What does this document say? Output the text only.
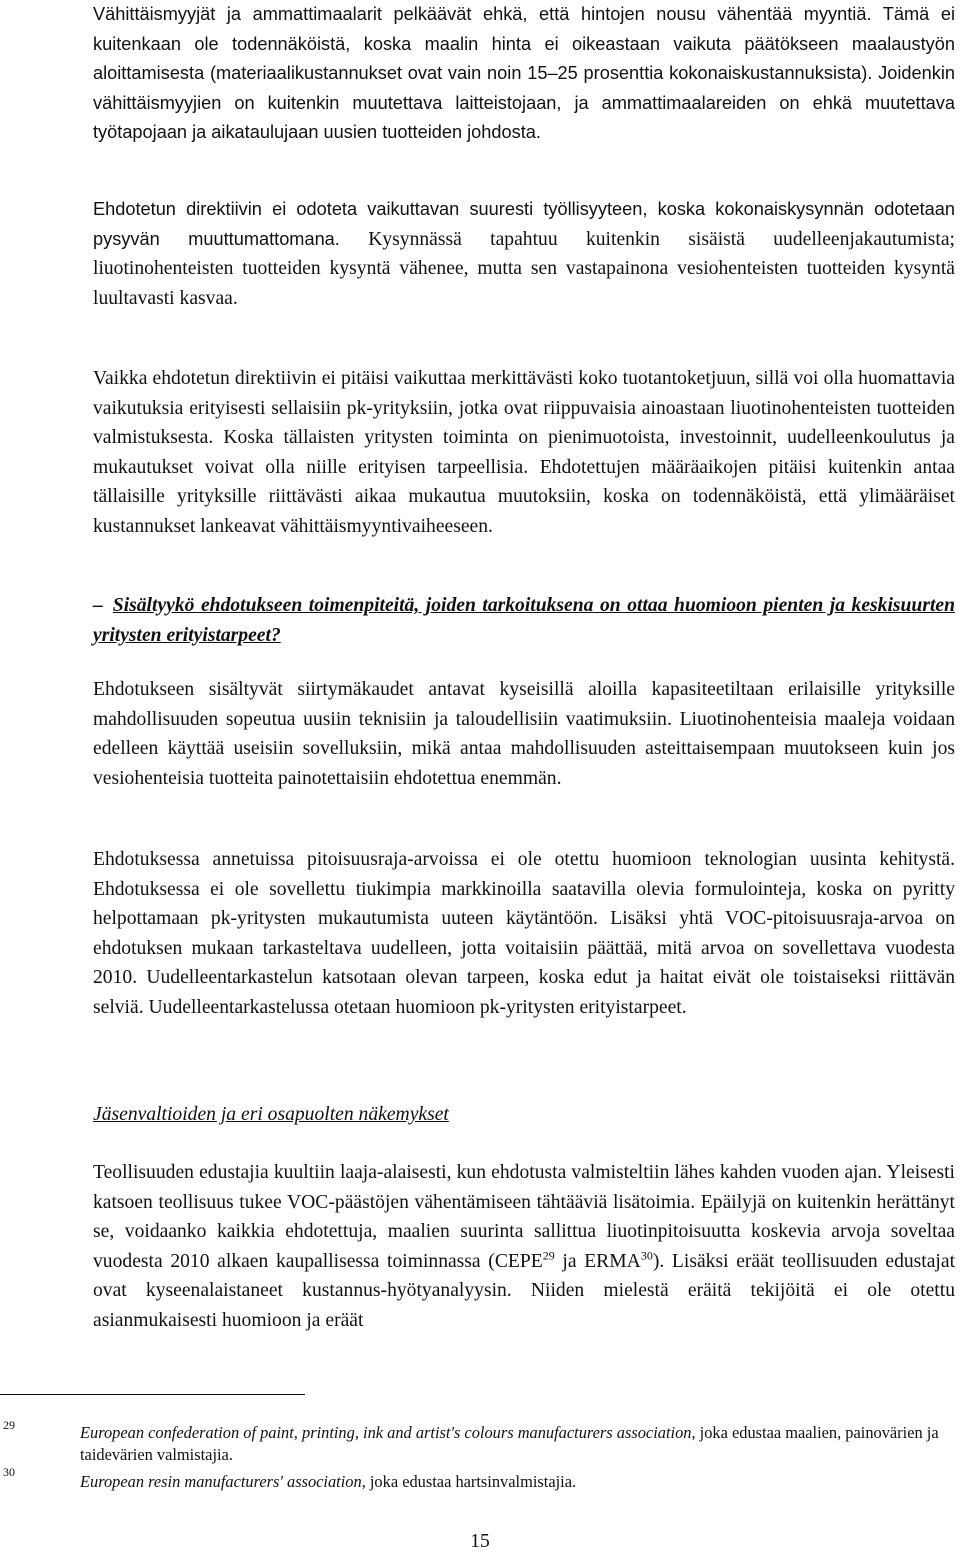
Vähittäismyyjät ja ammattimaalarit pelkäävät ehkä, että hintojen nousu vähentää myyntiä. Tämä ei kuitenkaan ole todennäköistä, koska maalin hinta ei oikeastaan vaikuta päätökseen maalaustyön aloittamisesta (materiaalikustannukset ovat vain noin 15–25 prosenttia kokonaiskustannuksista). Joidenkin vähittäismyyjien on kuitenkin muutettava laitteistojaan, ja ammattimaalareiden on ehkä muutettava työtapojaan ja aikataulujaan uusien tuotteiden johdosta.

Ehdotetun direktiivin ei odoteta vaikuttavan suuresti työllisyyteen, koska kokonaiskysynnän odotetaan pysyvän muuttumattomana. Kysynnässä tapahtuu kuitenkin sisäistä uudelleenjakautumista; liuotinohenteisten tuotteiden kysyntä vähenee, mutta sen vastapainona vesiohenteisten tuotteiden kysyntä luultavasti kasvaa.

Vaikka ehdotetun direktiivin ei pitäisi vaikuttaa merkittävästi koko tuotantoketjuun, sillä voi olla huomattavia vaikutuksia erityisesti sellaisiin pk-yrityksiin, jotka ovat riippuvaisia ainoastaan liuotinohenteisten tuotteiden valmistuksesta. Koska tällaisten yritysten toiminta on pienimuotoista, investoinnit, uudelleenkoulutus ja mukautukset voivat olla niille erityisen tarpeellisia. Ehdotettujen määräaikojen pitäisi kuitenkin antaa tällaisille yrityksille riittävästi aikaa mukautua muutoksiin, koska on todennäköistä, että ylimääräiset kustannukset lankeavat vähittäismyyntivaiheeseen.

– Sisältyykö ehdotukseen toimenpiteitä, joiden tarkoituksena on ottaa huomioon pienten ja keskisuurten yritysten erityistarpeet?

Ehdotukseen sisältyvät siirtymäkaudet antavat kyseisillä aloilla kapasiteetiltaan erilaisille yrityksille mahdollisuuden sopeutua uusiin teknisiin ja taloudellisiin vaatimuksiin. Liuotinohenteisia maaleja voidaan edelleen käyttää useisiin sovelluksiin, mikä antaa mahdollisuuden asteittaisempaan muutokseen kuin jos vesiohenteisia tuotteita painotettaisiin ehdotettua enemmän.

Ehdotuksessa annetuissa pitoisuusraja-arvoissa ei ole otettu huomioon teknologian uusinta kehitystä. Ehdotuksessa ei ole sovellettu tiukimpia markkinoilla saatavilla olevia formulointeja, koska on pyritty helpottamaan pk-yritysten mukautumista uuteen käytäntöön. Lisäksi yhtä VOC-pitoisuusraja-arvoa on ehdotuksen mukaan tarkasteltava uudelleen, jotta voitaisiin päättää, mitä arvoa on sovellettava vuodesta 2010. Uudelleentarkastelun katsotaan olevan tarpeen, koska edut ja haitat eivät ole toistaiseksi riittävän selviä. Uudelleentarkastelussa otetaan huomioon pk-yritysten erityistarpeet.

Jäsenvaltioiden ja eri osapuolten näkemykset

Teollisuuden edustajia kuultiin laaja-alaisesti, kun ehdotusta valmisteltiin lähes kahden vuoden ajan. Yleisesti katsoen teollisuus tukee VOC-päästöjen vähentämiseen tähtääviä lisätoimia. Epäilyjä on kuitenkin herättänyt se, voidaanko kaikkia ehdotettuja, maalien suurinta sallittua liuotinpitoisuutta koskevia arvoja soveltaa vuodesta 2010 alkaen kaupallisessa toiminnassa (CEPE$^{29}$ ja ERMA$^{30}$). Lisäksi eräät teollisuuden edustajat ovat kyseenalaistaneet kustannus-hyötyanalyysin. Niiden mielestä eräitä tekijöitä ei ole otettu asianmukaisesti huomioon ja eräät

29	European confederation of paint, printing, ink and artist's colours manufacturers association, joka edustaa maalien, painovärien ja taidevärien valmistajia.

30	European resin manufacturers' association, joka edustaa hartsinvalmistajia.

15
